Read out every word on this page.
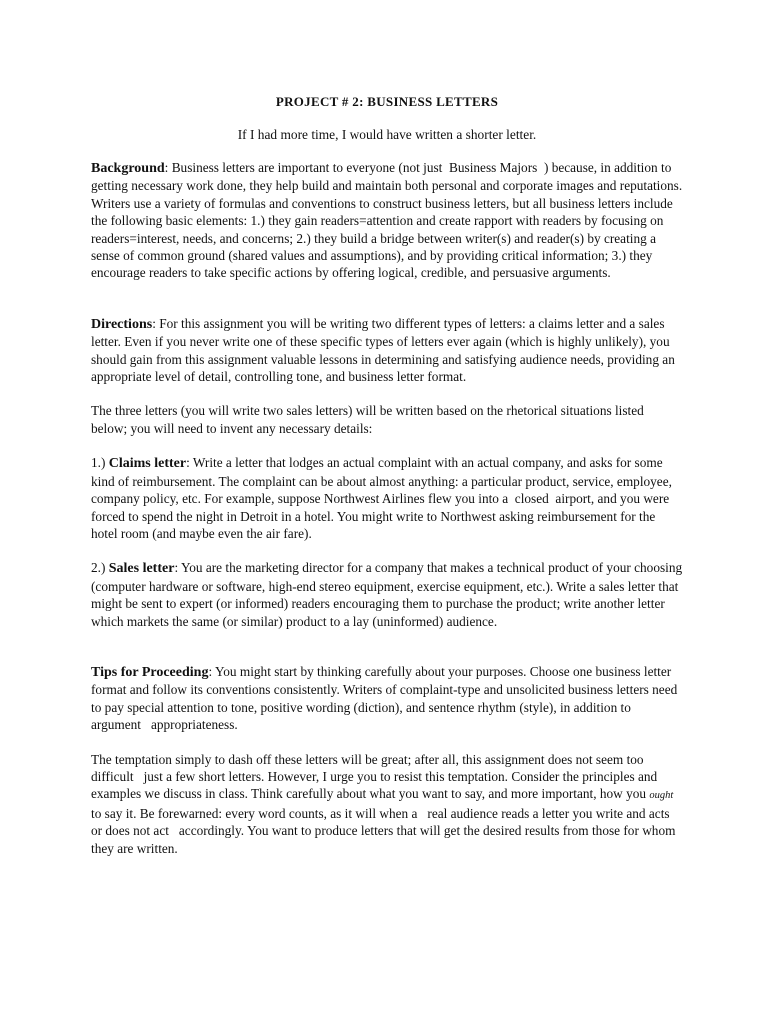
PROJECT # 2: BUSINESS LETTERS
If I had more time, I would have written a shorter letter.

Background: Business letters are important to everyone (not just  Business Majors  ) because, in addition to getting necessary work done, they help build and maintain both personal and corporate images and reputations. Writers use a variety of formulas and conventions to construct business letters, but all business letters include the following basic elements: 1.) they gain readers=attention and create rapport with readers by focusing on readers=interest, needs, and concerns; 2.) they build a bridge between writer(s) and reader(s) by creating a sense of common ground (shared values and assumptions), and by providing critical information; 3.) they encourage readers to take specific actions by offering logical, credible, and persuasive arguments.

Directions: For this assignment you will be writing two different types of letters: a claims letter and a sales letter. Even if you never write one of these specific types of letters ever again (which is highly unlikely), you should gain from this assignment valuable lessons in determining and satisfying audience needs, providing an appropriate level of detail, controlling tone, and business letter format.

The three letters (you will write two sales letters) will be written based on the rhetorical situations listed below; you will need to invent any necessary details:

1.) Claims letter: Write a letter that lodges an actual complaint with an actual company, and asks for some kind of reimbursement. The complaint can be about almost anything: a particular product, service, employee, company policy, etc. For example, suppose Northwest Airlines flew you into a  closed  airport, and you were forced to spend the night in Detroit in a hotel. You might write to Northwest asking reimbursement for the hotel room (and maybe even the air fare).

2.) Sales letter: You are the marketing director for a company that makes a technical product of your choosing (computer hardware or software, high-end stereo equipment, exercise equipment, etc.). Write a sales letter that might be sent to expert (or informed) readers encouraging them to purchase the product; write another letter which markets the same (or similar) product to a lay (uninformed) audience.

Tips for Proceeding: You might start by thinking carefully about your purposes. Choose one business letter format and follow its conventions consistently. Writers of complaint-type and unsolicited business letters need to pay special attention to tone, positive wording (diction), and sentence rhythm (style), in addition to   argument   appropriateness.

The temptation simply to dash off these letters will be great; after all, this assignment does not seem too difficult   just a few short letters. However, I urge you to resist this temptation. Consider the principles and examples we discuss in class. Think carefully about what you want to say, and more important, how you ought to say it. Be forewarned: every word counts, as it will when a   real audience reads a letter you write and acts   or does not act   accordingly. You want to produce letters that will get the desired results from those for whom they are written.
